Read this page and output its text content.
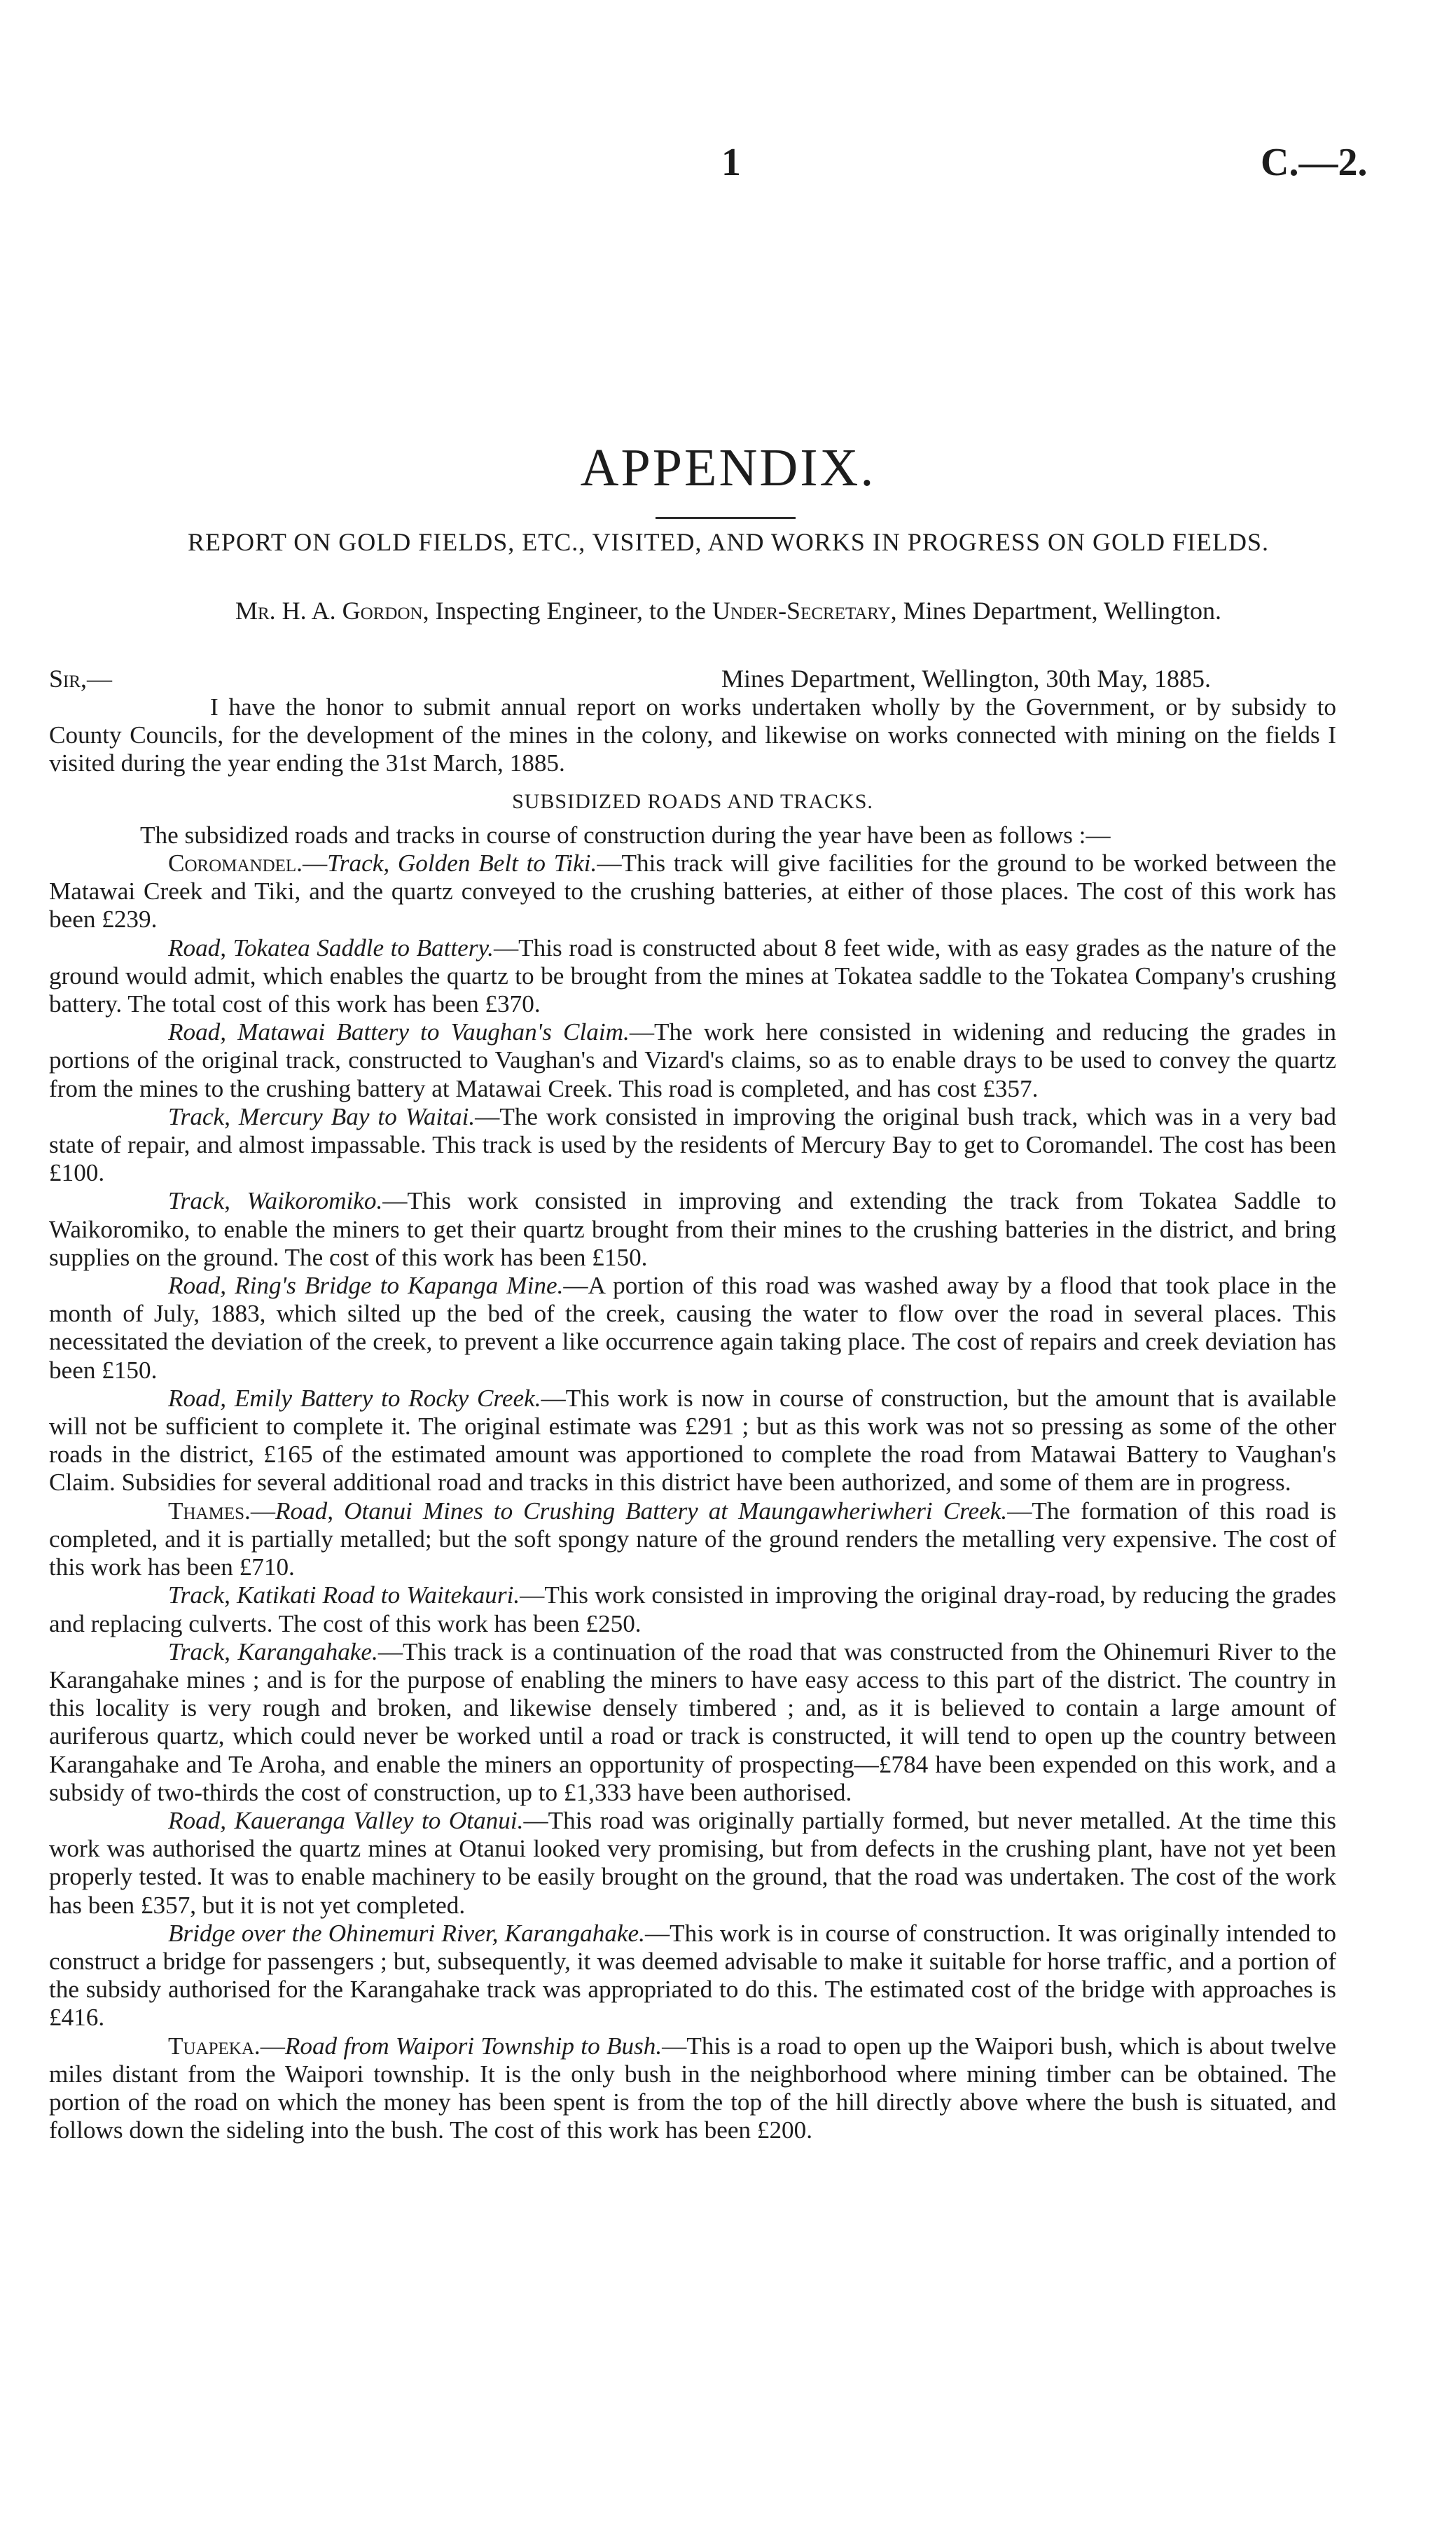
1	C.—2.
APPENDIX.
REPORT ON GOLD FIELDS, ETC., VISITED, AND WORKS IN PROGRESS ON GOLD FIELDS.
Mr. H. A. Gordon, Inspecting Engineer, to the Under-Secretary, Mines Department, Wellington.
Sir,—	Mines Department, Wellington, 30th May, 1885.

I have the honor to submit annual report on works undertaken wholly by the Government, or by subsidy to County Councils, for the development of the mines in the colony, and likewise on works connected with mining on the fields I visited during the year ending the 31st March, 1885.

SUBSIDIZED ROADS AND TRACKS.

The subsidized roads and tracks in course of construction during the year have been as follows :—

Coromandel.—Track, Golden Belt to Tiki.—This track will give facilities for the ground to be worked between the Matawai Creek and Tiki, and the quartz conveyed to the crushing batteries, at either of those places. The cost of this work has been £239.

Road, Tokatea Saddle to Battery.—This road is constructed about 8 feet wide, with as easy grades as the nature of the ground would admit, which enables the quartz to be brought from the mines at Tokatea saddle to the Tokatea Company's crushing battery. The total cost of this work has been £370.

Road, Matawai Battery to Vaughan's Claim.—The work here consisted in widening and reducing the grades in portions of the original track, constructed to Vaughan's and Vizard's claims, so as to enable drays to be used to convey the quartz from the mines to the crushing battery at Matawai Creek. This road is completed, and has cost £357.

Track, Mercury Bay to Waitai.—The work consisted in improving the original bush track, which was in a very bad state of repair, and almost impassable. This track is used by the residents of Mercury Bay to get to Coromandel. The cost has been £100.

Track, Waikoromiko.—This work consisted in improving and extending the track from Tokatea Saddle to Waikoromiko, to enable the miners to get their quartz brought from their mines to the crushing batteries in the district, and bring supplies on the ground. The cost of this work has been £150.

Road, Ring's Bridge to Kapanga Mine.—A portion of this road was washed away by a flood that took place in the month of July, 1883, which silted up the bed of the creek, causing the water to flow over the road in several places. This necessitated the deviation of the creek, to prevent a like occurrence again taking place. The cost of repairs and creek deviation has been £150.

Road, Emily Battery to Rocky Creek.—This work is now in course of construction, but the amount that is available will not be sufficient to complete it. The original estimate was £291 ; but as this work was not so pressing as some of the other roads in the district, £165 of the estimated amount was apportioned to complete the road from Matawai Battery to Vaughan's Claim. Subsidies for several additional road and tracks in this district have been authorized, and some of them are in progress.

Thames.—Road, Otanui Mines to Crushing Battery at Maungawheriwheri Creek.—The formation of this road is completed, and it is partially metalled; but the soft spongy nature of the ground renders the metalling very expensive. The cost of this work has been £710.

Track, Katikati Road to Waitekauri.—This work consisted in improving the original dray-road, by reducing the grades and replacing culverts. The cost of this work has been £250.

Track, Karangahake.—This track is a continuation of the road that was constructed from the Ohinemuri River to the Karangahake mines ; and is for the purpose of enabling the miners to have easy access to this part of the district. The country in this locality is very rough and broken, and likewise densely timbered ; and, as it is believed to contain a large amount of auriferous quartz, which could never be worked until a road or track is constructed, it will tend to open up the country between Karangahake and Te Aroha, and enable the miners an opportunity of prospecting—£784 have been expended on this work, and a subsidy of two-thirds the cost of construction, up to £1,333 have been authorised.

Road, Kaueranga Valley to Otanui.—This road was originally partially formed, but never metalled. At the time this work was authorised the quartz mines at Otanui looked very promising, but from defects in the crushing plant, have not yet been properly tested. It was to enable machinery to be easily brought on the ground, that the road was undertaken. The cost of the work has been £357, but it is not yet completed.

Bridge over the Ohinemuri River, Karangahake.—This work is in course of construction. It was originally intended to construct a bridge for passengers ; but, subsequently, it was deemed advisable to make it suitable for horse traffic, and a portion of the subsidy authorised for the Karangahake track was appropriated to do this. The estimated cost of the bridge with approaches is £416.

Tuapeka.—Road from Waipori Township to Bush.—This is a road to open up the Waipori bush, which is about twelve miles distant from the Waipori township. It is the only bush in the neighborhood where mining timber can be obtained. The portion of the road on which the money has been spent is from the top of the hill directly above where the bush is situated, and follows down the sideling into the bush. The cost of this work has been £200.
